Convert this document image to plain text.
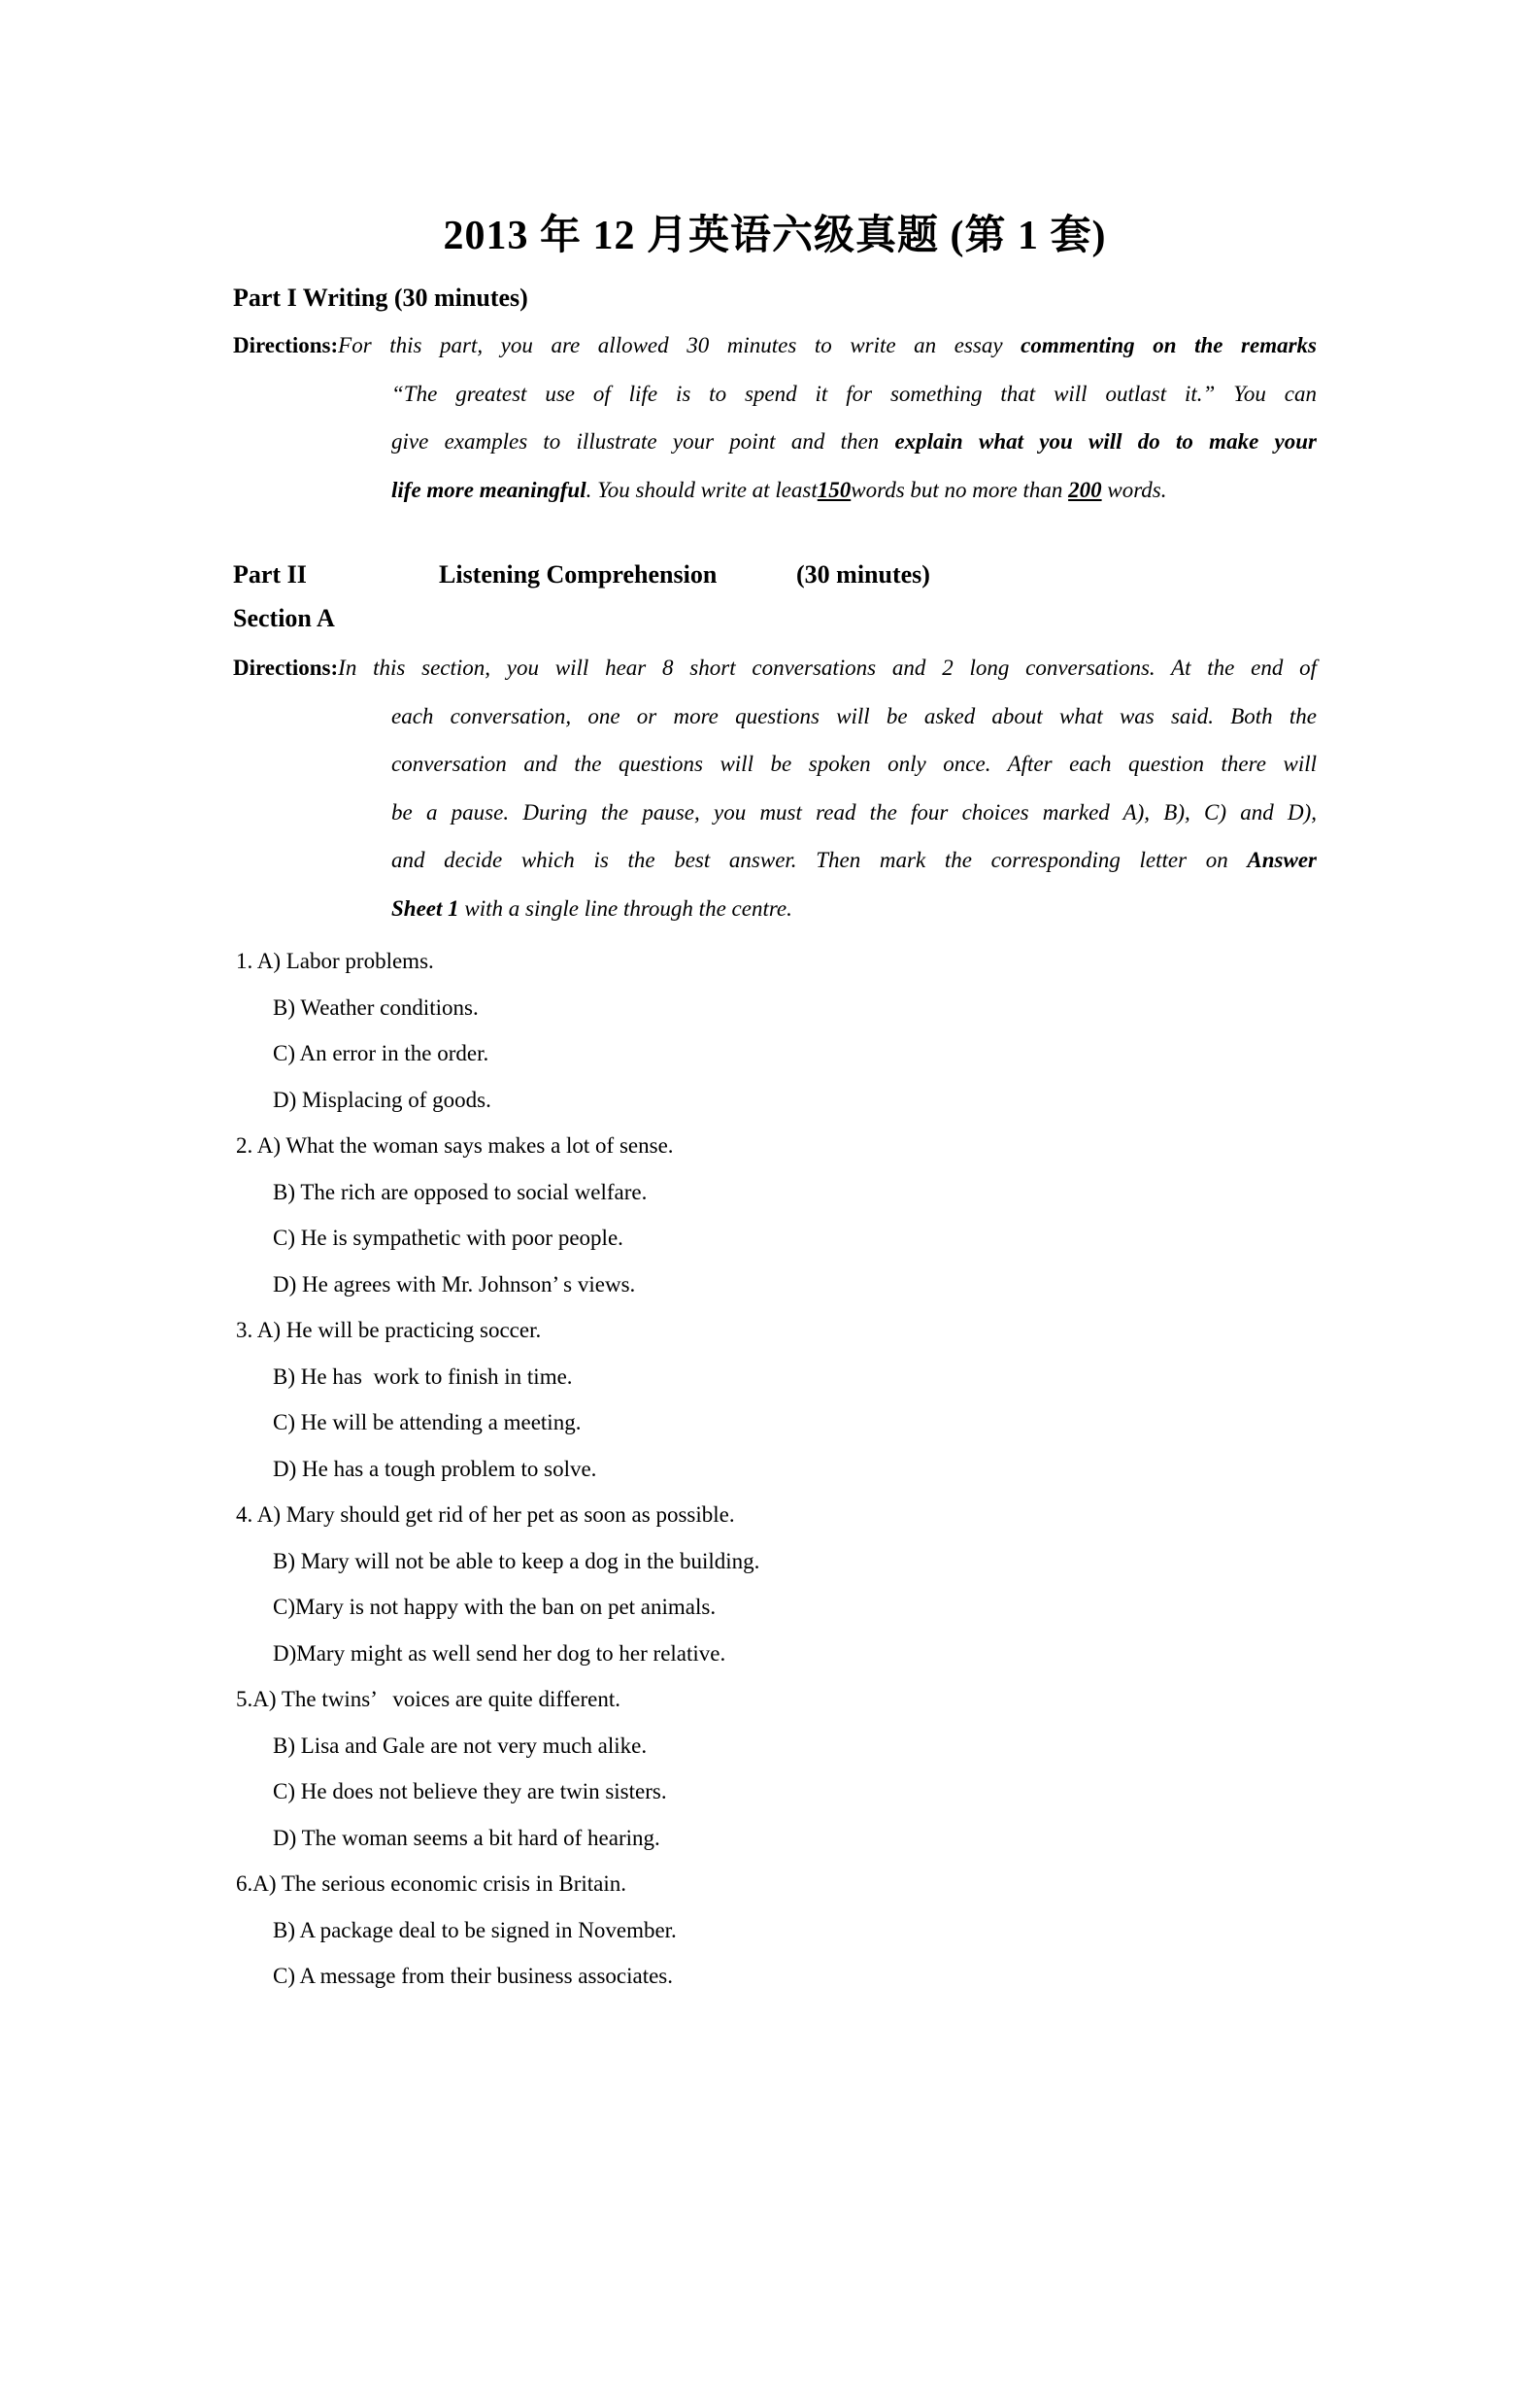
2013 年 12 月英语六级真题 (第 1 套)
Part I Writing (30 minutes)
Directions:For this part, you are allowed 30 minutes to write an essay commenting on the remarks
“The greatest use of life is to spend it for something that will outlast it.” You can
give examples to illustrate your point and then explain what you will do to make your
life more meaningful. You should write at least150words but no more than 200 words.
Part II	Listening Comprehension	(30 minutes)
Section A
Directions:In this section, you will hear 8 short conversations and 2 long conversations. At the end of
each conversation, one or more questions will be asked about what was said. Both the
conversation and the questions will be spoken only once. After each question there will
be a pause. During the pause, you must read the four choices marked A), B), C) and D),
and decide which is the best answer. Then mark the corresponding letter on Answer
Sheet 1 with a single line through the centre.
1. A) Labor problems.
B) Weather conditions.
C) An error in the order.
D) Misplacing of goods.
2. A) What the woman says makes a lot of sense.
B) The rich are opposed to social welfare.
C) He is sympathetic with poor people.
D) He agrees with Mr. Johnson’ s views.
3. A) He will be practicing soccer.
B) He has  work to finish in time.
C) He will be attending a meeting.
D) He has a tough problem to solve.
4. A) Mary should get rid of her pet as soon as possible.
B) Mary will not be able to keep a dog in the building.
C)Mary is not happy with the ban on pet animals.
D)Mary might as well send her dog to her relative.
5.A) The twins’   voices are quite different.
B) Lisa and Gale are not very much alike.
C) He does not believe they are twin sisters.
D) The woman seems a bit hard of hearing.
6.A) The serious economic crisis in Britain.
B) A package deal to be signed in November.
C) A message from their business associates.
